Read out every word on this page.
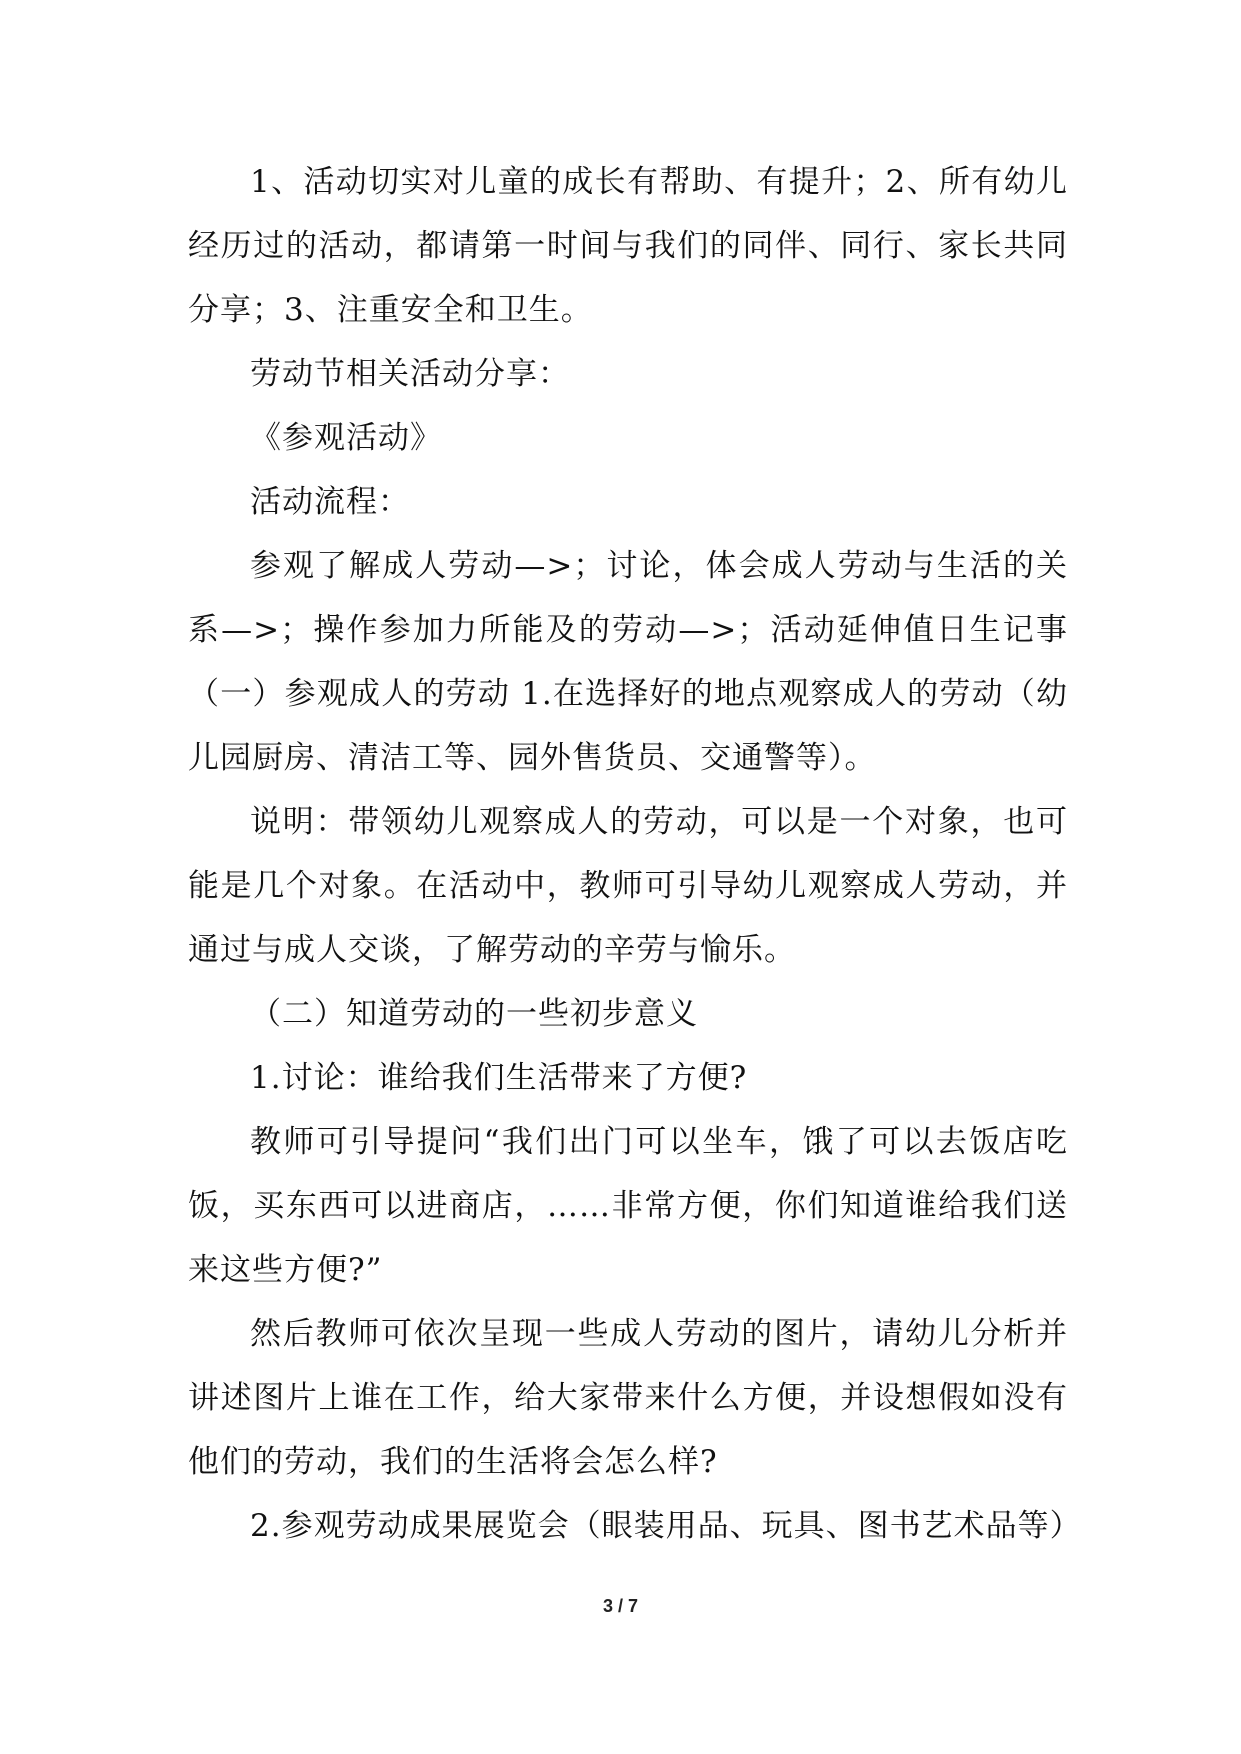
1、活动切实对儿童的成长有帮助、有提升；2、所有幼儿经历过的活动，都请第一时间与我们的同伴、同行、家长共同分享；3、注重安全和卫生。

劳动节相关活动分享：

《参观活动》

活动流程：

参观了解成人劳动—>；讨论，体会成人劳动与生活的关系—>；操作参加力所能及的劳动—>；活动延伸值日生记事（一）参观成人的劳动 1.在选择好的地点观察成人的劳动（幼儿园厨房、清洁工等、园外售货员、交通警等）。

说明：带领幼儿观察成人的劳动，可以是一个对象，也可能是几个对象。在活动中，教师可引导幼儿观察成人劳动，并通过与成人交谈，了解劳动的辛劳与愉乐。

（二）知道劳动的一些初步意义

1.讨论：谁给我们生活带来了方便?

教师可引导提问“我们出门可以坐车，饿了可以去饭店吃饭，买东西可以进商店，……非常方便，你们知道谁给我们送来这些方便?”

然后教师可依次呈现一些成人劳动的图片，请幼儿分析并讲述图片上谁在工作，给大家带来什么方便，并设想假如没有他们的劳动，我们的生活将会怎么样?

2.参观劳动成果展览会（眼装用品、玩具、图书艺术品等）

3 / 7
